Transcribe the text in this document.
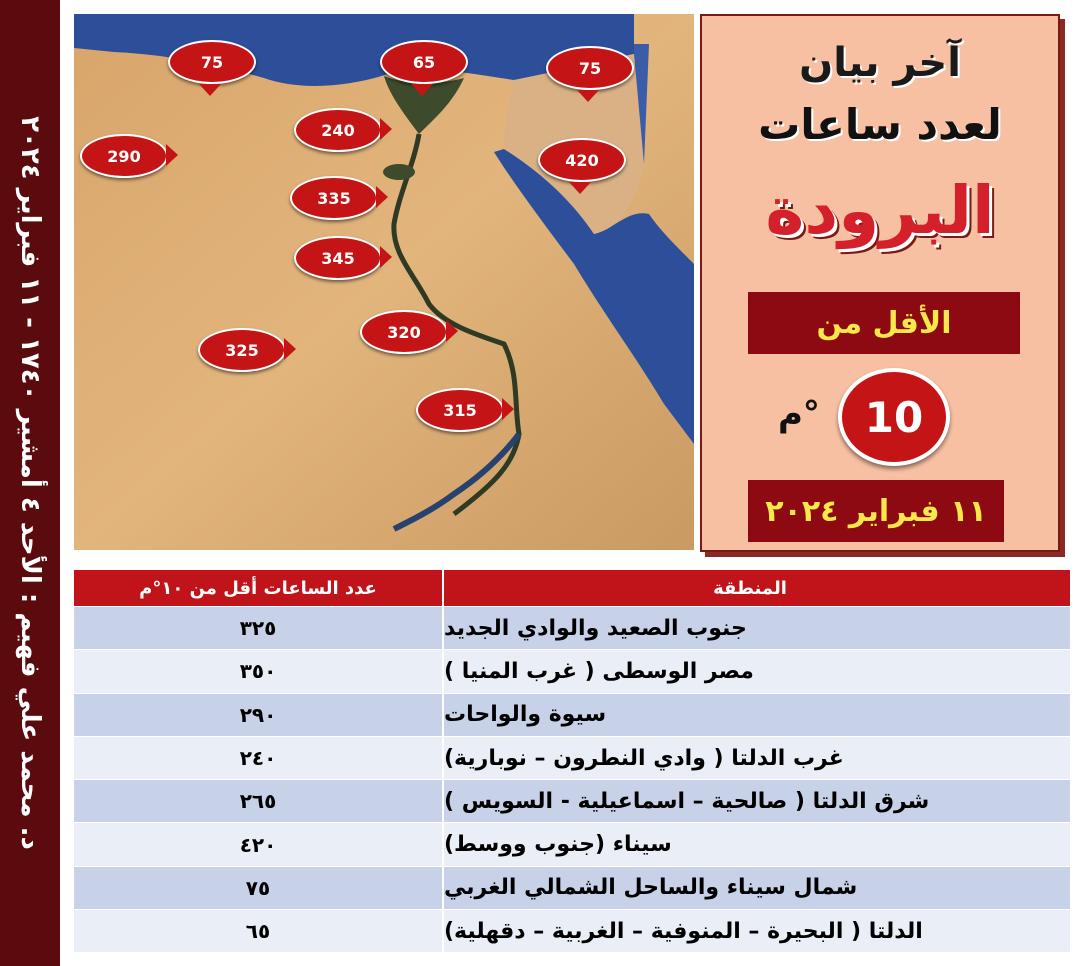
د. محمد علي فهيم : الأحد ٤ أمشير ١٧٤٠ - ١١ فبراير ٢٠٢٤
75	65	75
240
290	420
335
345
320
325
315
آخر بيان
لعدد ساعات
البرودة
الأقل من
10
°م
١١ فبراير ٢٠٢٤
عدد الساعات أقل من ١٠°م	المنطقة
٣٢٥	جنوب الصعيد والوادي الجديد
٣٥٠	مصر الوسطى ( غرب المنيا )
٢٩٠	سيوة والواحات
٢٤٠	غرب الدلتا ( وادي النطرون – نوبارية)
٢٦٥	شرق الدلتا ( صالحية – اسماعيلية - السويس )
٤٢٠	سيناء (جنوب ووسط)
٧٥	شمال سيناء والساحل الشمالي الغربي
٦٥	الدلتا ( البحيرة – المنوفية – الغربية – دقهلية)
